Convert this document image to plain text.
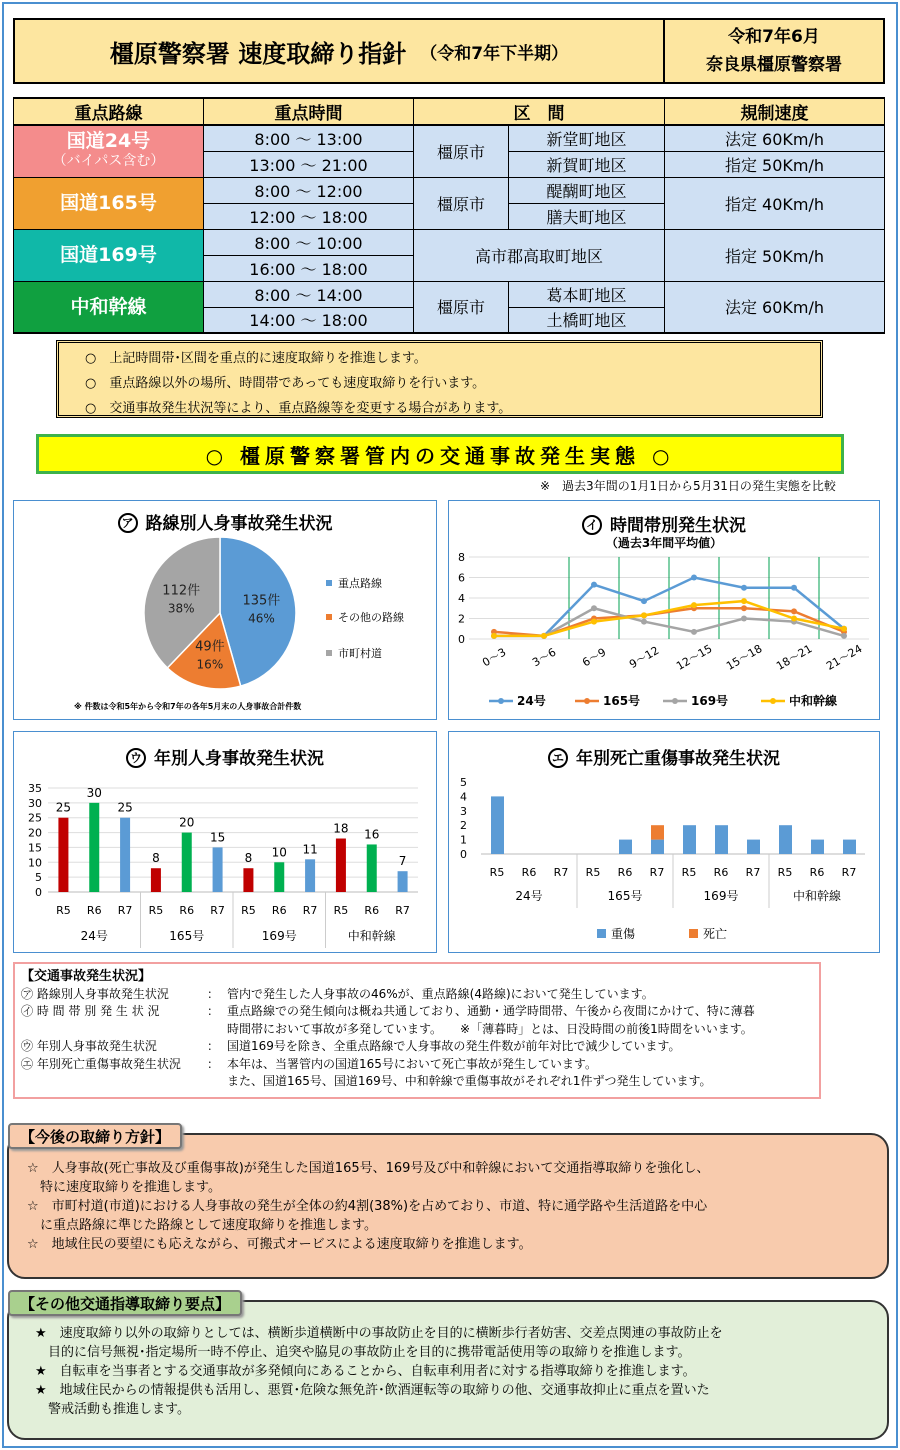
橿原警察署 速度取締り指針 （令和7年下半期）
令和7年6月
奈良県橿原警察署
重点路線	重点時間	区　間		規制速度
国道24号
（バイパス含む）	8:00 ～ 13:00	橿原市	新堂町地区	法定 60Km/h
	13:00 ～ 21:00		新賀町地区	指定 50Km/h
国道165号	8:00 ～ 12:00	橿原市	醍醐町地区	指定 40Km/h
	12:00 ～ 18:00		膳夫町地区	
国道169号	8:00 ～ 10:00	高市郡高取町地区		指定 50Km/h
	16:00 ～ 18:00			
中和幹線	8:00 ～ 14:00	橿原市	葛本町地区	法定 60Km/h
	14:00 ～ 18:00		土橋町地区	
○　上記時間帯･区間を重点的に速度取締りを推進します。
○　重点路線以外の場所、時間帯であっても速度取締りを行います。
○　交通事故発生状況等により、重点路線等を変更する場合があります。
○ 橿原警察署管内の交通事故発生実態 ○
※　過去3年間の1月1日から5月31日の発生実態を比較
ア 路線別人身事故発生状況
135件
46%
49件
16%
112件
38%
重点路線
その他の路線
市町村道
※ 件数は令和5年から令和7年の各年5月末の人身事故合計件数
イ 時間帯別発生状況
（過去3年間平均値）
0
2
4
6
8
0～3 3～6 6～9 9～12 12～15 15～18 18～21 21～24
24号	165号	169号	中和幹線
ウ 年別人身事故発生状況
0
5
10
15
20
25
30
35
25
R5
30
R6
25
R7
24号
8
R5
20
R6
15
R7
165号
8
R5
10
R6
11
R7
169号
18
R5
16
R6
7
R7
中和幹線
エ 年別死亡重傷事故発生状況
0
1
2
3
4
5
R5 R6 R7 R5 R6 R7 R5 R6 R7 R5 R6 R7
24号	165号	169号	中和幹線
重傷	死亡
【交通事故発生状況】
㋐ 路線別人身事故発生状況	： 管内で発生した人身事故の46%が、重点路線(4路線)において発生しています。
㋑ 時 間 帯 別 発 生 状 況	： 重点路線での発生傾向は概ね共通しており、通勤・通学時間帯、午後から夜間にかけて、特に薄暮
時間帯において事故が多発しています。　　※「薄暮時」とは、日没時間の前後1時間をいいます。
㋒ 年別人身事故発生状況	： 国道169号を除き、全重点路線で人身事故の発生件数が前年対比で減少しています。
㋓ 年別死亡重傷事故発生状況	： 本年は、当署管内の国道165号において死亡事故が発生しています。
また、国道165号、国道169号、中和幹線で重傷事故がそれぞれ1件ずつ発生しています。
☆　人身事故(死亡事故及び重傷事故)が発生した国道165号、169号及び中和幹線において交通指導取締りを強化し、
　特に速度取締りを推進します。
☆　市町村道(市道)における人身事故の発生が全体の約4割(38%)を占めており、市道、特に通学路や生活道路を中心
　に重点路線に準じた路線として速度取締りを推進します。
☆　地域住民の要望にも応えながら、可搬式オービスによる速度取締りを推進します。
【今後の取締り方針】
★　速度取締り以外の取締りとしては、横断歩道横断中の事故防止を目的に横断歩行者妨害、交差点関連の事故防止を
　目的に信号無視･指定場所一時不停止、追突や脇見の事故防止を目的に携帯電話使用等の取締りを推進します。
★　自転車を当事者とする交通事故が多発傾向にあることから、自転車利用者に対する指導取締りを推進します。
★　地域住民からの情報提供も活用し、悪質･危険な無免許･飲酒運転等の取締りの他、交通事故抑止に重点を置いた
　警戒活動も推進します。
【その他交通指導取締り要点】
